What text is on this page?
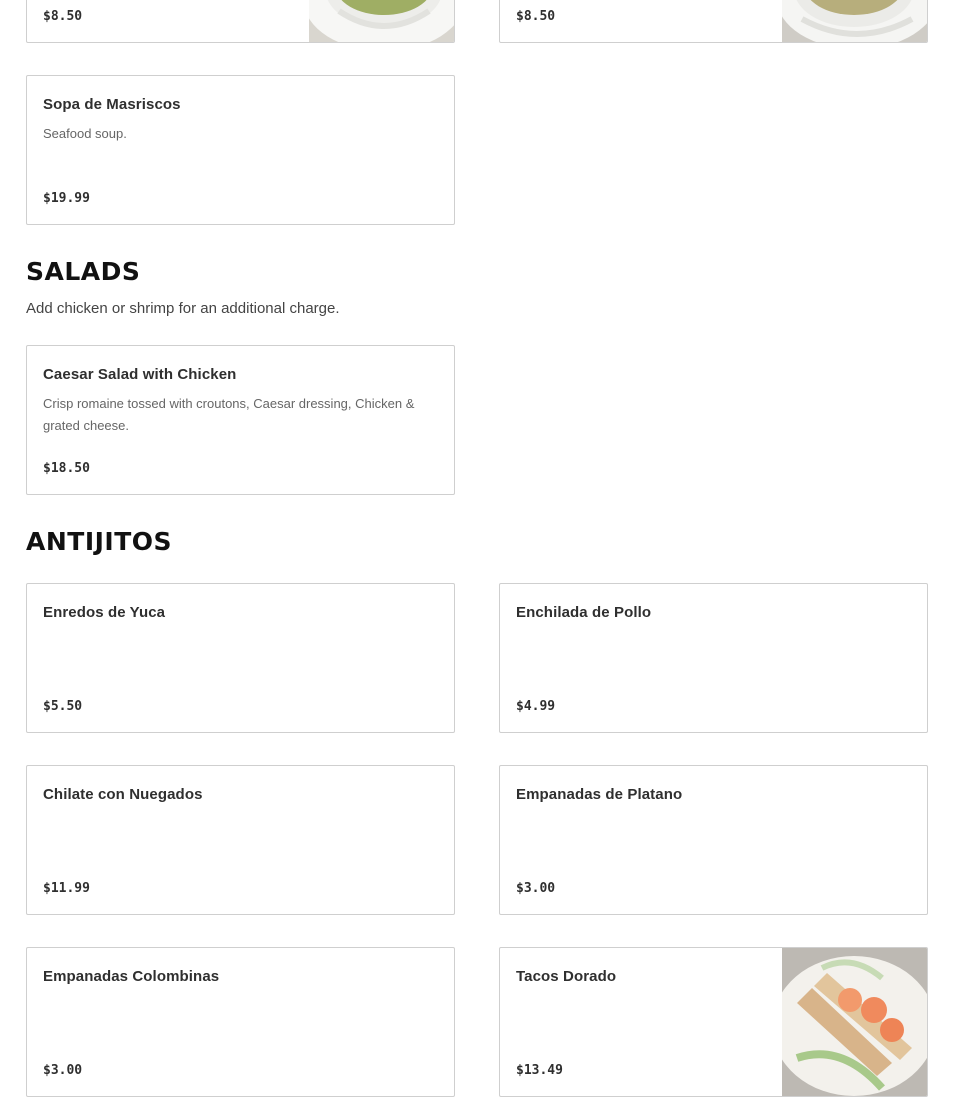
$8.50	$8.50
Sopa de Masriscos
Seafood soup.
$19.99
SALADS

Add chicken or shrimp for an additional charge.

Caesar Salad with Chicken
Crisp romaine tossed with croutons, Caesar dressing, Chicken & grated cheese.
$18.50
ANTIJITOS
Enredos de Yuca
$5.50
Enchilada de Pollo
$4.99
Chilate con Nuegados
$11.99
Empanadas de Platano
$3.00
Empanadas Colombinas
$3.00
Tacos Dorado
$13.49
